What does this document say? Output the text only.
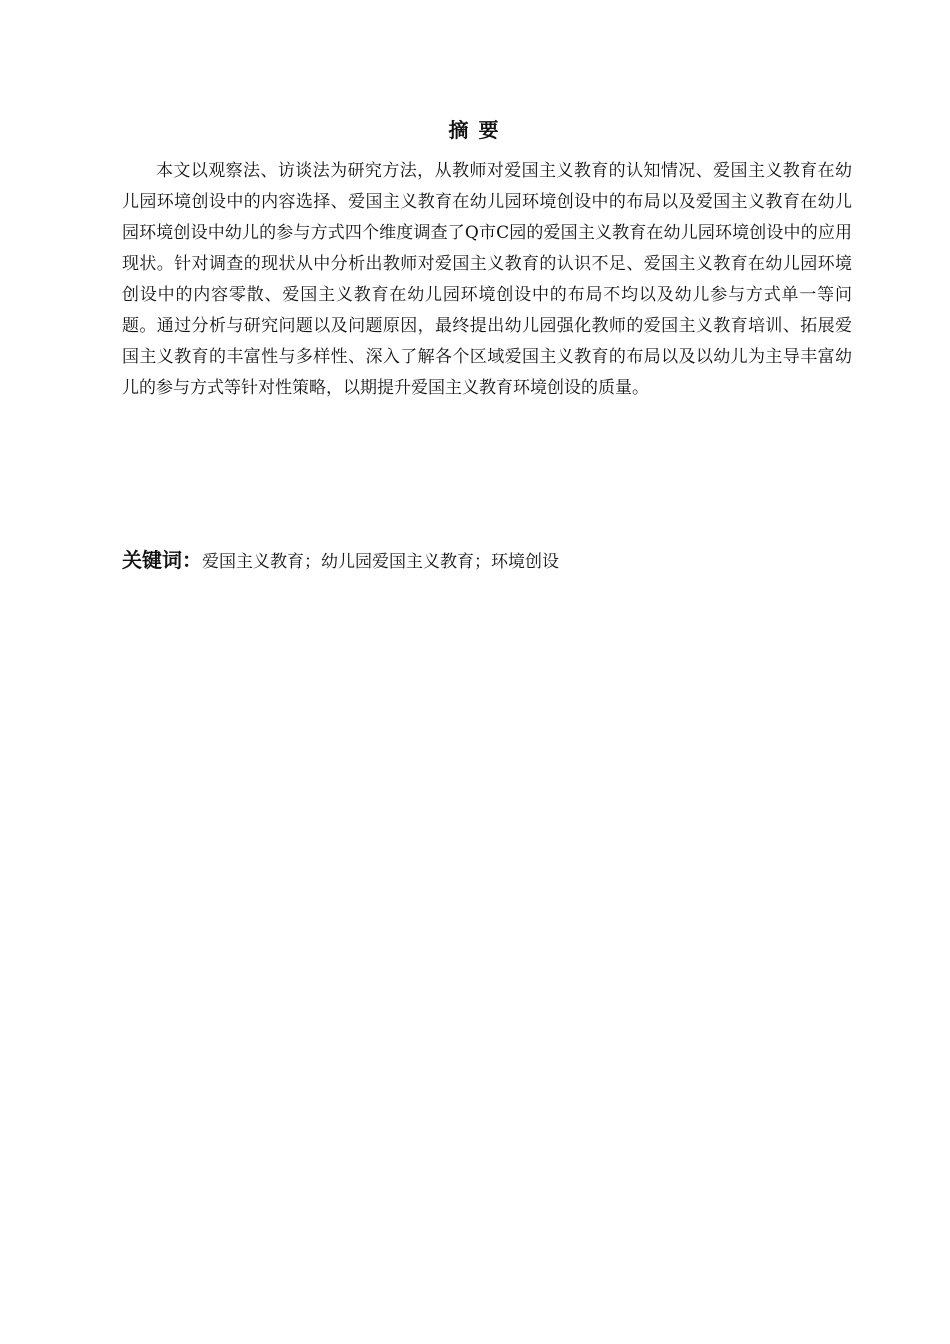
摘要

本文以观察法、访谈法为研究方法，从教师对爱国主义教育的认知情况、爱国主义教育在幼儿园环境创设中的内容选择、爱国主义教育在幼儿园环境创设中的布局以及爱国主义教育在幼儿园环境创设中幼儿的参与方式四个维度调查了Q市C园的爱国主义教育在幼儿园环境创设中的应用现状。针对调查的现状从中分析出教师对爱国主义教育的认识不足、爱国主义教育在幼儿园环境创设中的内容零散、爱国主义教育在幼儿园环境创设中的布局不均以及幼儿参与方式单一等问题。通过分析与研究问题以及问题原因，最终提出幼儿园强化教师的爱国主义教育培训、拓展爱国主义教育的丰富性与多样性、深入了解各个区域爱国主义教育的布局以及以幼儿为主导丰富幼儿的参与方式等针对性策略，以期提升爱国主义教育环境创设的质量。

关键词：爱国主义教育；幼儿园爱国主义教育；环境创设
